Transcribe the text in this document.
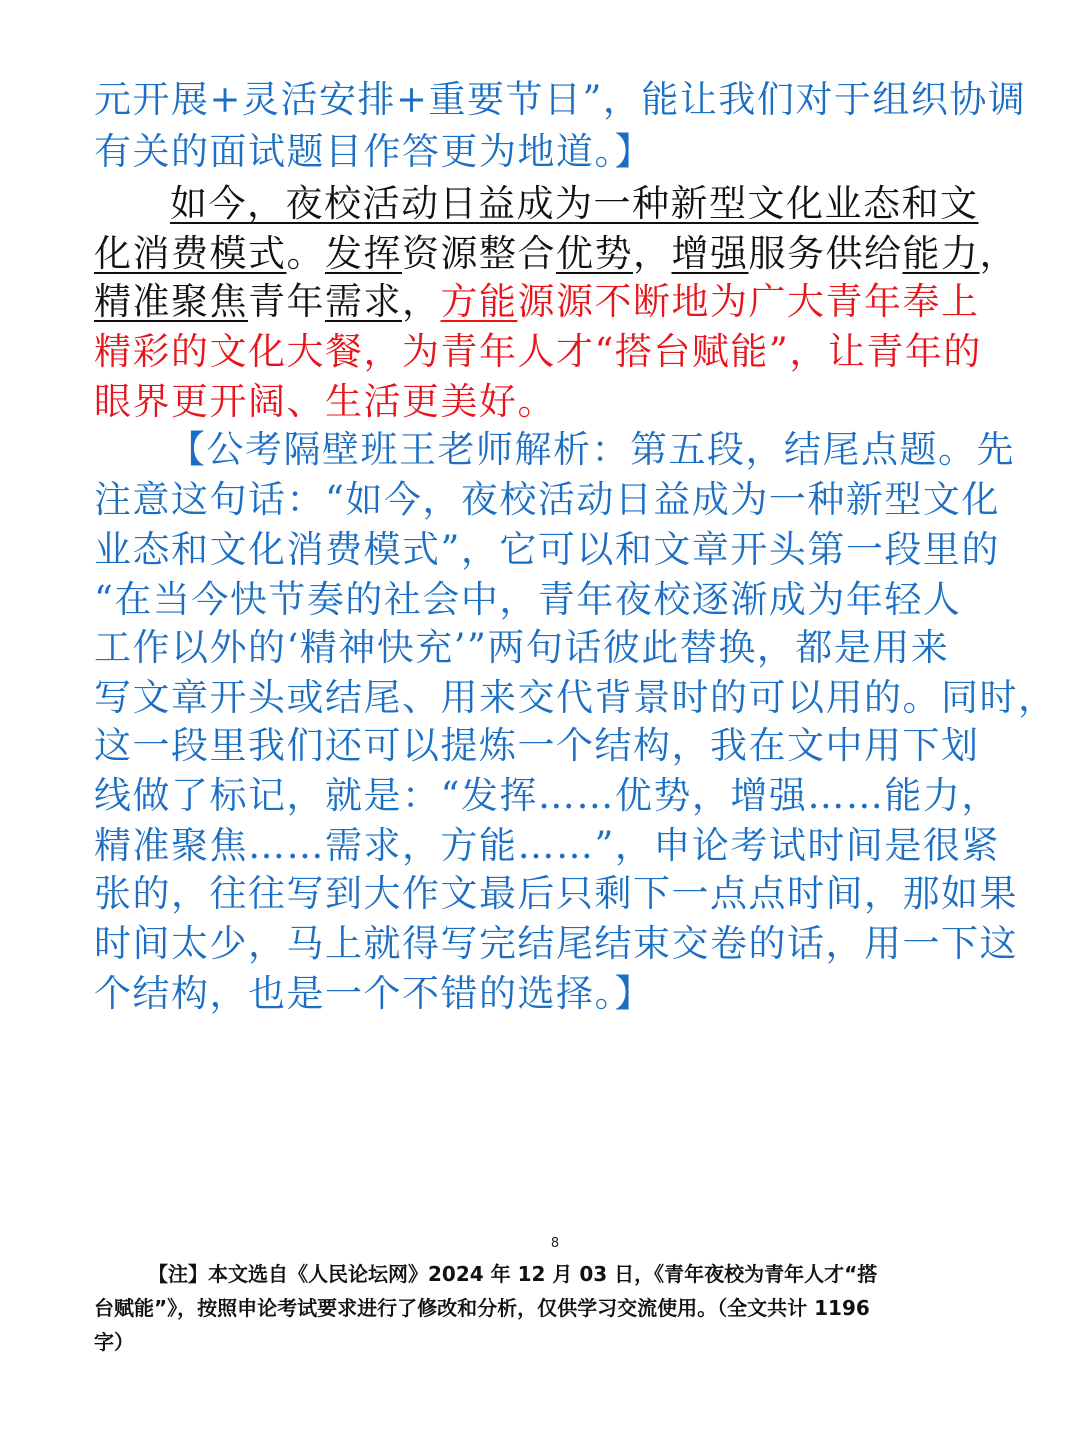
元开展+灵活安排+重要节日”，能让我们对于组织协调
有关的面试题目作答更为地道。】
如今，夜校活动日益成为一种新型文化业态和文
化消费模式。发挥资源整合优势，增强服务供给能力，
精准聚焦青年需求，方能源源不断地为广大青年奉上
精彩的文化大餐，为青年人才“搭台赋能”，让青年的
眼界更开阔、生活更美好。
【公考隔壁班王老师解析：第五段，结尾点题。先
注意这句话：“如今，夜校活动日益成为一种新型文化
业态和文化消费模式”，它可以和文章开头第一段里的
“在当今快节奏的社会中，青年夜校逐渐成为年轻人
工作以外的‘精神快充’”两句话彼此替换，都是用来
写文章开头或结尾、用来交代背景时的可以用的。同时，
这一段里我们还可以提炼一个结构，我在文中用下划
线做了标记，就是：“发挥……优势，增强……能力，
精准聚焦……需求，方能……”，申论考试时间是很紧
张的，往往写到大作文最后只剩下一点点时间，那如果
时间太少，马上就得写完结尾结束交卷的话，用一下这
个结构，也是一个不错的选择。】
8
【注】本文选自《人民论坛网》2024 年 12 月 03 日，《青年夜校为青年人才“搭
台赋能”》，按照申论考试要求进行了修改和分析，仅供学习交流使用。（全文共计 1196
字）
